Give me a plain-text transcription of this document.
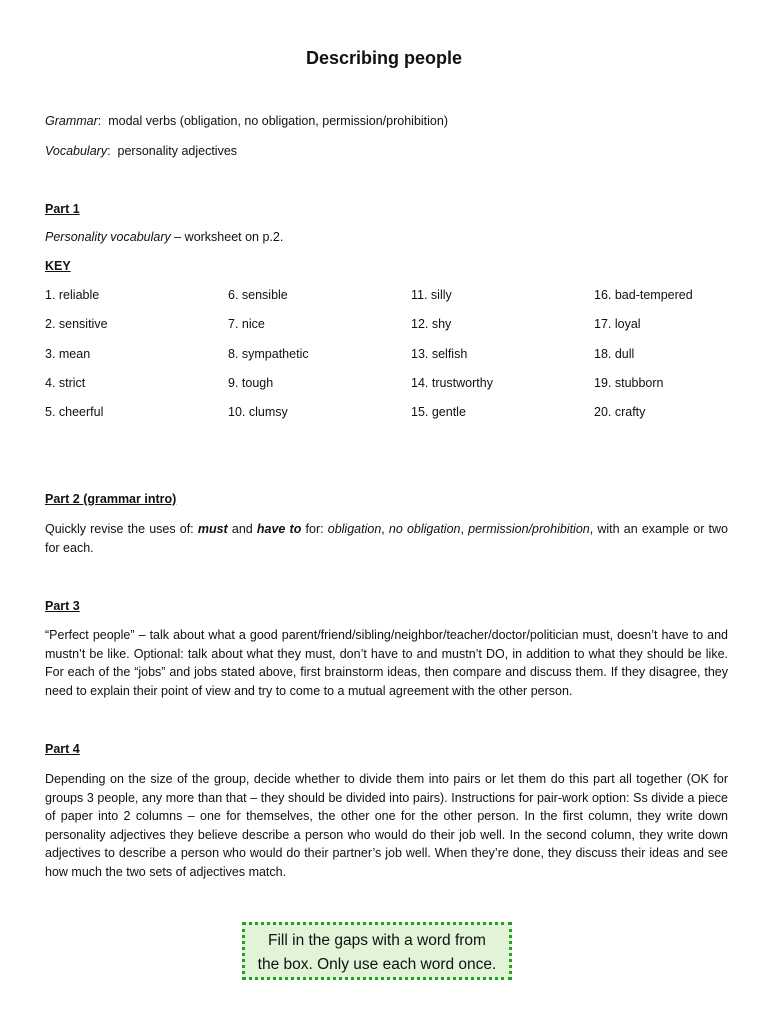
Describing people
Grammar: modal verbs (obligation, no obligation, permission/prohibition)
Vocabulary: personality adjectives
Part 1
Personality vocabulary – worksheet on p.2.
KEY
1. reliable	6. sensible	11. silly	16. bad-tempered
2. sensitive	7. nice	12. shy	17. loyal
3. mean	8. sympathetic	13. selfish	18. dull
4. strict	9. tough	14. trustworthy	19. stubborn
5. cheerful	10. clumsy	15. gentle	20. crafty
Part 2 (grammar intro)
Quickly revise the uses of: must and have to for: obligation, no obligation, permission/prohibition, with an example or two for each.
Part 3
“Perfect people” – talk about what a good parent/friend/sibling/neighbor/teacher/doctor/politician must, doesn’t have to and mustn’t be like. Optional: talk about what they must, don’t have to and mustn’t DO, in addition to what they should be like. For each of the “jobs” and jobs stated above, first brainstorm ideas, then compare and discuss them. If they disagree, they need to explain their point of view and try to come to a mutual agreement with the other person.
Part 4
Depending on the size of the group, decide whether to divide them into pairs or let them do this part all together (OK for groups 3 people, any more than that – they should be divided into pairs). Instructions for pair-work option: Ss divide a piece of paper into 2 columns – one for themselves, the other one for the other person. In the first column, they write down personality adjectives they believe describe a person who would do their job well. In the second column, they write down adjectives to describe a person who would do their partner’s job well. When they’re done, they discuss their ideas and see how much the two sets of adjectives match.
Fill in the gaps with a word from
the box. Only use each word once.
